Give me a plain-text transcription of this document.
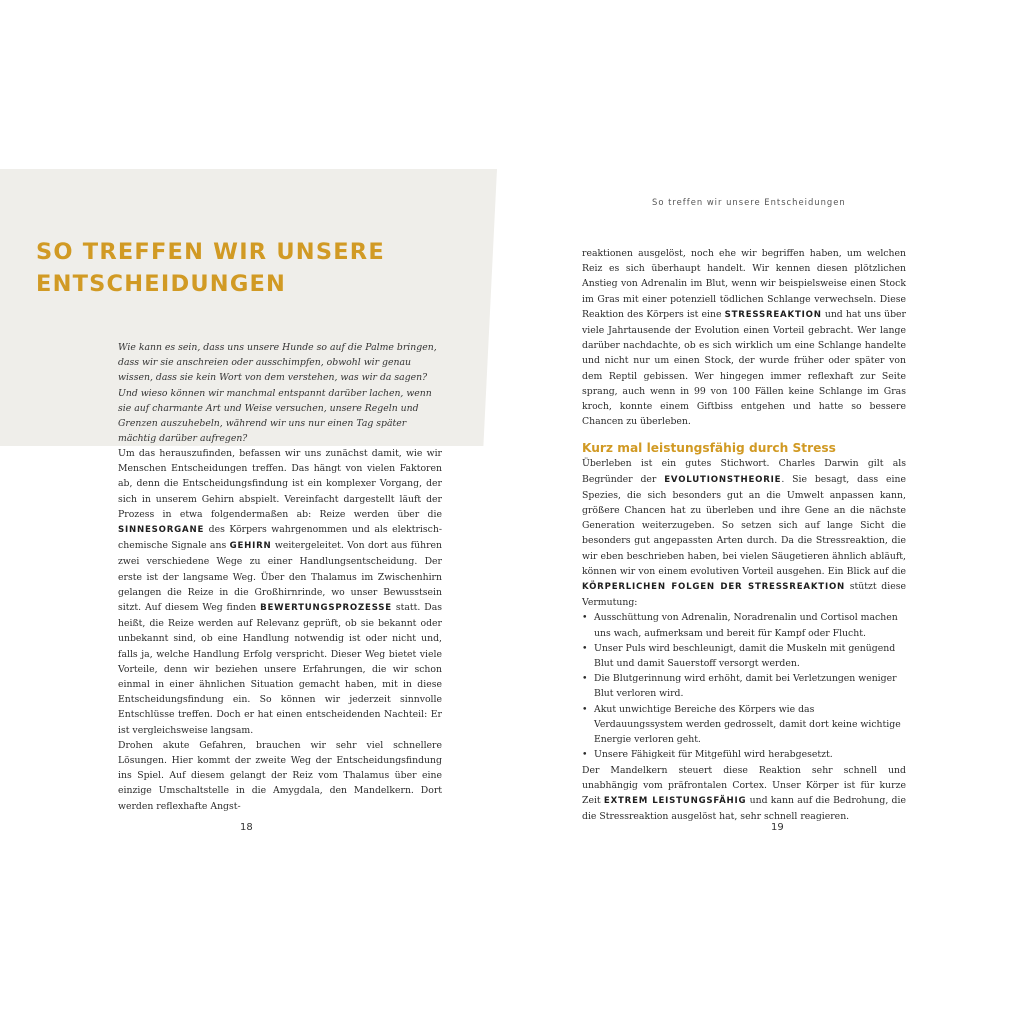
SO TREFFEN WIR UNSERE
ENTSCHEIDUNGEN

So treffen wir unsere Entscheidungen

Wie kann es sein, dass uns unsere Hunde so auf die Palme bringen, dass wir sie anschreien oder ausschimpfen, obwohl wir genau wissen, dass sie kein Wort von dem verstehen, was wir da sagen? Und wieso können wir manchmal entspannt darüber lachen, wenn sie auf charmante Art und Weise versuchen, unsere Regeln und Grenzen auszuhebeln, während wir uns nur einen Tag später mächtig darüber aufregen?

Um das herauszufinden, befassen wir uns zunächst damit, wie wir Menschen Entscheidungen treffen. Das hängt von vielen Faktoren ab, denn die Entscheidungsfindung ist ein komplexer Vorgang, der sich in unserem Gehirn abspielt. Vereinfacht dargestellt läuft der Prozess in etwa folgendermaßen ab: Reize werden über die SINNESORGANE des Körpers wahrgenommen und als elektrisch-chemische Signale ans GEHIRN weitergeleitet. Von dort aus führen zwei verschiedene Wege zu einer Handlungsentscheidung. Der erste ist der langsame Weg. Über den Thalamus im Zwischenhirn gelangen die Reize in die Großhirnrinde, wo unser Bewusstsein sitzt. Auf diesem Weg finden BEWERTUNGSPROZESSE statt. Das heißt, die Reize werden auf Relevanz geprüft, ob sie bekannt oder unbekannt sind, ob eine Handlung notwendig ist oder nicht und, falls ja, welche Handlung Erfolg verspricht. Dieser Weg bietet viele Vorteile, denn wir beziehen unsere Erfahrungen, die wir schon einmal in einer ähnlichen Situation gemacht haben, mit in diese Entscheidungsfindung ein. So können wir jederzeit sinnvolle Entschlüsse treffen. Doch er hat einen entscheidenden Nachteil: Er ist vergleichsweise langsam.

Drohen akute Gefahren, brauchen wir sehr viel schnellere Lösungen. Hier kommt der zweite Weg der Entscheidungsfindung ins Spiel. Auf diesem gelangt der Reiz vom Thalamus über eine einzige Umschaltstelle in die Amygdala, den Mandelkern. Dort werden reflexhafte Angst-

reaktionen ausgelöst, noch ehe wir begriffen haben, um welchen Reiz es sich überhaupt handelt. Wir kennen diesen plötzlichen Anstieg von Adrenalin im Blut, wenn wir beispielsweise einen Stock im Gras mit einer potenziell tödlichen Schlange verwechseln. Diese Reaktion des Körpers ist eine STRESSREAKTION und hat uns über viele Jahrtausende der Evolution einen Vorteil gebracht. Wer lange darüber nachdachte, ob es sich wirklich um eine Schlange handelte und nicht nur um einen Stock, der wurde früher oder später von dem Reptil gebissen. Wer hingegen immer reflexhaft zur Seite sprang, auch wenn in 99 von 100 Fällen keine Schlange im Gras kroch, konnte einem Giftbiss entgehen und hatte so bessere Chancen zu überleben.

Kurz mal leistungsfähig durch Stress

Überleben ist ein gutes Stichwort. Charles Darwin gilt als Begründer der EVOLUTIONSTHEORIE. Sie besagt, dass eine Spezies, die sich besonders gut an die Umwelt anpassen kann, größere Chancen hat zu überleben und ihre Gene an die nächste Generation weiterzugeben. So setzen sich auf lange Sicht die besonders gut angepassten Arten durch. Da die Stressreaktion, die wir eben beschrieben haben, bei vielen Säugetieren ähnlich abläuft, können wir von einem evolutiven Vorteil ausgehen. Ein Blick auf die KÖRPERLICHEN FOLGEN DER STRESSREAKTION stützt diese Vermutung:

• Ausschüttung von Adrenalin, Noradrenalin und Cortisol machen uns wach, aufmerksam und bereit für Kampf oder Flucht.
• Unser Puls wird beschleunigt, damit die Muskeln mit genügend Blut und damit Sauerstoff versorgt werden.
• Die Blutgerinnung wird erhöht, damit bei Verletzungen weniger Blut verloren wird.
• Akut unwichtige Bereiche des Körpers wie das Verdauungssystem werden gedrosselt, damit dort keine wichtige Energie verloren geht.
• Unsere Fähigkeit für Mitgefühl wird herabgesetzt.

Der Mandelkern steuert diese Reaktion sehr schnell und unabhängig vom präfrontalen Cortex. Unser Körper ist für kurze Zeit EXTREM LEISTUNGSFÄHIG und kann auf die Bedrohung, die die Stressreaktion ausgelöst hat, sehr schnell reagieren.

18	19
